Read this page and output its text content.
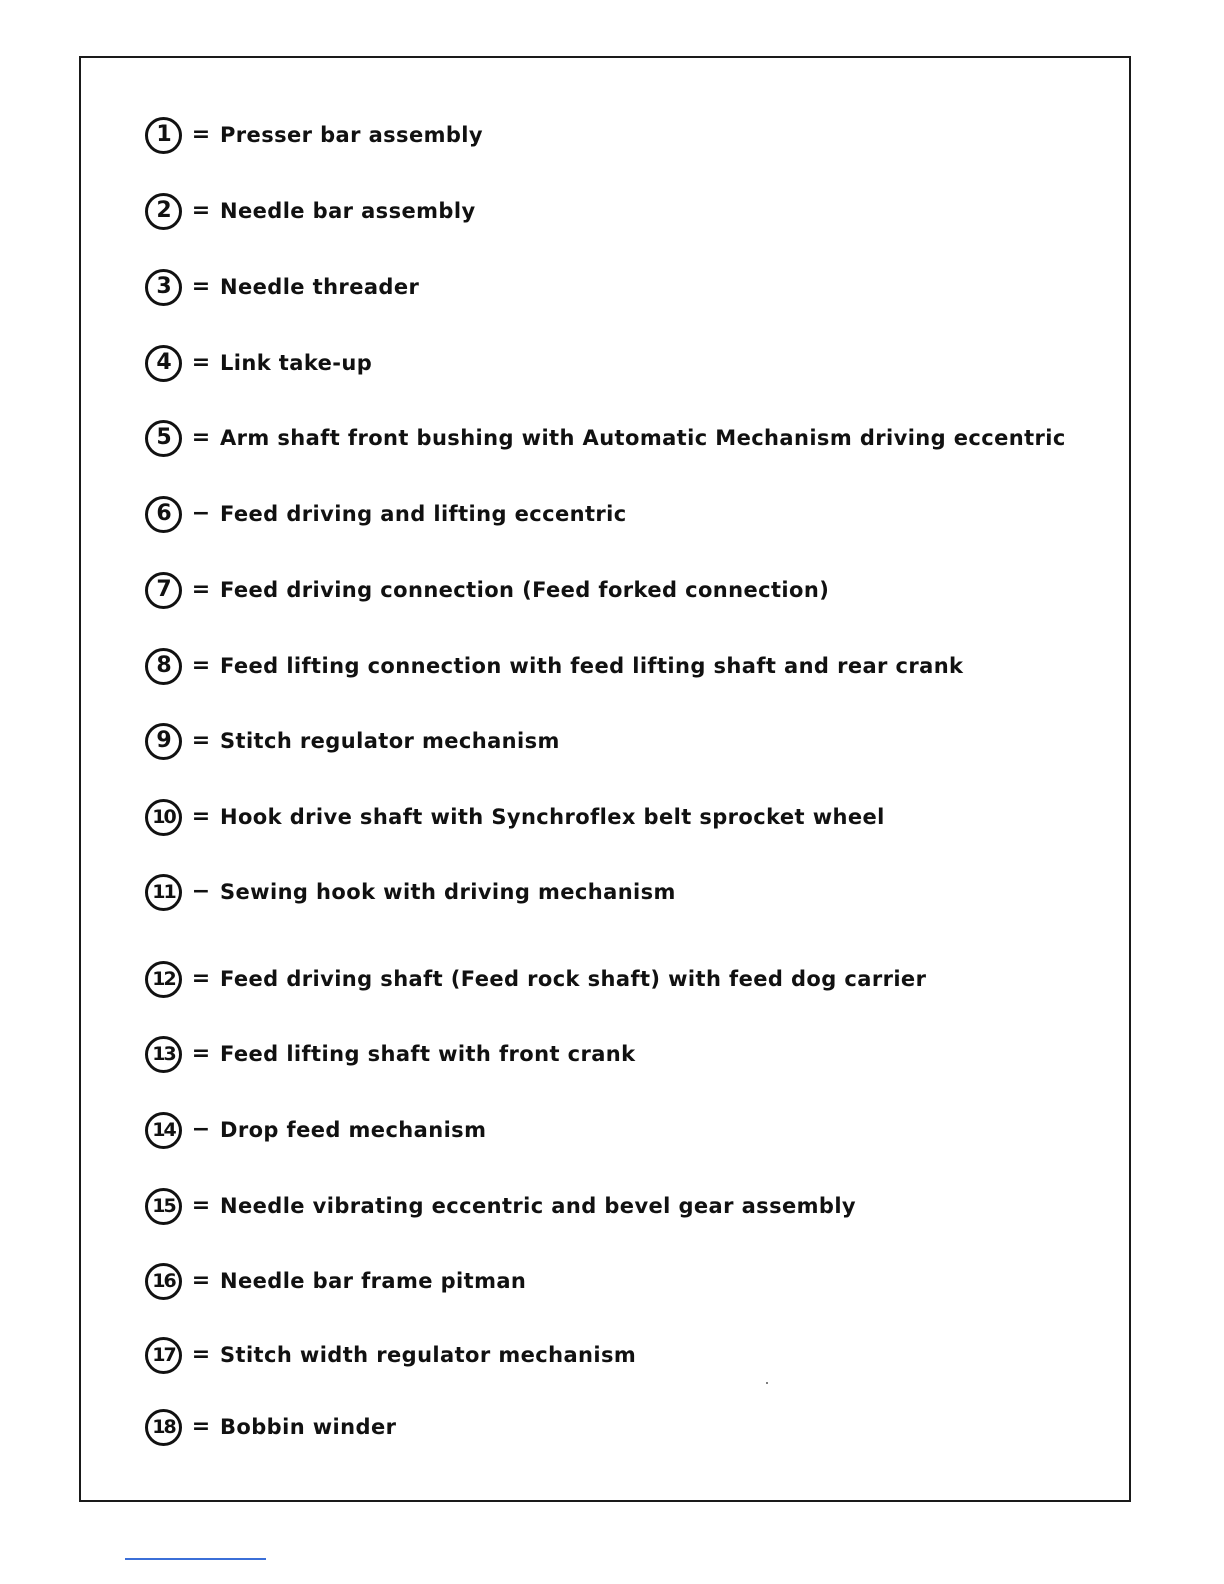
1 = Presser bar assembly
2 = Needle bar assembly
3 = Needle threader
4 = Link take-up
5 = Arm shaft front bushing with Automatic Mechanism driving eccentric
6 − Feed driving and lifting eccentric
7 = Feed driving connection (Feed forked connection)
8 = Feed lifting connection with feed lifting shaft and rear crank
9 = Stitch regulator mechanism
10 = Hook drive shaft with Synchroflex belt sprocket wheel
11 − Sewing hook with driving mechanism
12 = Feed driving shaft (Feed rock shaft) with feed dog carrier
13 = Feed lifting shaft with front crank
14 − Drop feed mechanism
15 = Needle vibrating eccentric and bevel gear assembly
16 = Needle bar frame pitman
17 = Stitch width regulator mechanism
18 = Bobbin winder
